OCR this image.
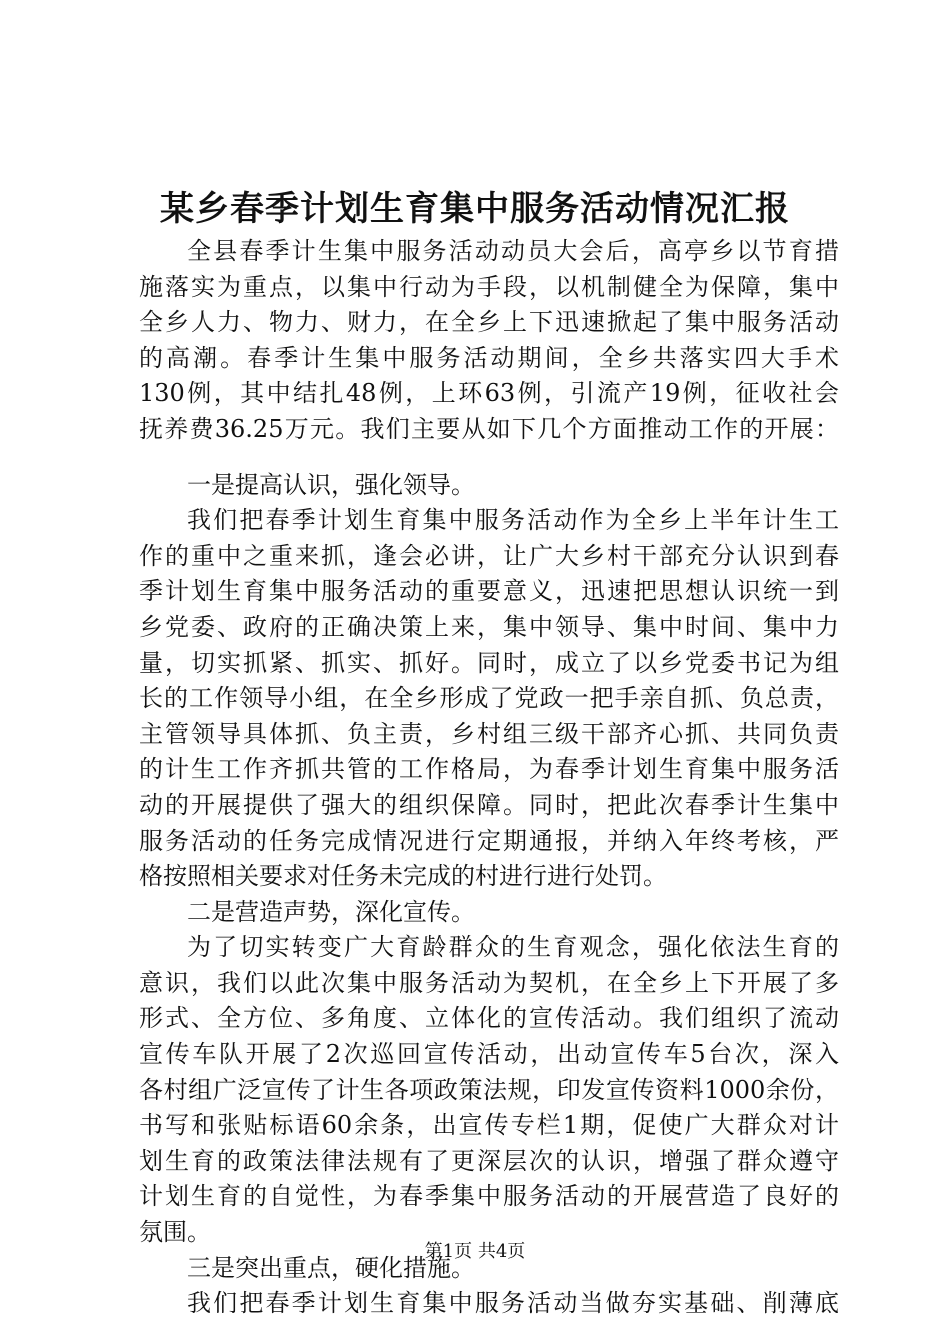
某乡春季计划生育集中服务活动情况汇报
全县春季计生集中服务活动动员大会后，高亭乡以节育措
施落实为重点，以集中行动为手段，以机制健全为保障，集中
全乡人力、物力、财力，在全乡上下迅速掀起了集中服务活动
的高潮。春季计生集中服务活动期间，全乡共落实四大手术
130例，其中结扎48例，上环63例，引流产19例，征收社会
抚养费36.25万元。我们主要从如下几个方面推动工作的开展：
一是提高认识，强化领导。
我们把春季计划生育集中服务活动作为全乡上半年计生工
作的重中之重来抓，逢会必讲，让广大乡村干部充分认识到春
季计划生育集中服务活动的重要意义，迅速把思想认识统一到
乡党委、政府的正确决策上来，集中领导、集中时间、集中力
量，切实抓紧、抓实、抓好。同时，成立了以乡党委书记为组
长的工作领导小组，在全乡形成了党政一把手亲自抓、负总责，
主管领导具体抓、负主责，乡村组三级干部齐心抓、共同负责
的计生工作齐抓共管的工作格局，为春季计划生育集中服务活
动的开展提供了强大的组织保障。同时，把此次春季计生集中
服务活动的任务完成情况进行定期通报，并纳入年终考核，严
格按照相关要求对任务未完成的村进行进行处罚。
二是营造声势，深化宣传。
为了切实转变广大育龄群众的生育观念，强化依法生育的
意识，我们以此次集中服务活动为契机，在全乡上下开展了多
形式、全方位、多角度、立体化的宣传活动。我们组织了流动
宣传车队开展了2次巡回宣传活动，出动宣传车5台次，深入
各村组广泛宣传了计生各项政策法规，印发宣传资料1000余份，
书写和张贴标语60余条，出宣传专栏1期，促使广大群众对计
划生育的政策法律法规有了更深层次的认识，增强了群众遵守
计划生育的自觉性，为春季集中服务活动的开展营造了良好的
氛围。
三是突出重点，硬化措施。
我们把春季计划生育集中服务活动当做夯实基础、削薄底
第1页 共4页
